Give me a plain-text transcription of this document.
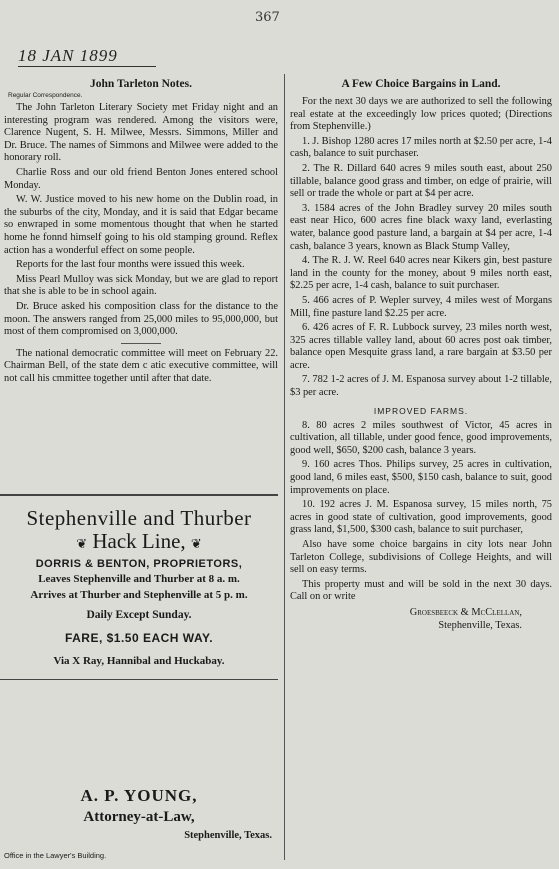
367
18 JAN 1899
John Tarleton Notes.
Regular Correspondence.

The John Tarleton Literary Society met Friday night and an interesting program was rendered. Among the visitors were, Clarence Nugent, S. H. Milwee, Messrs. Simmons, Miller and Dr. Bruce. The names of Simmons and Milwee were added to the honorary roll.

Charlie Ross and our old friend Benton Jones entered school Monday.

W. W. Justice moved to his new home on the Dublin road, in the suburbs of the city, Monday, and it is said that Edgar became so enwraped in some momentous thought that when he started home he fonnd himself going to his old stamping ground. Reflex action has a wonderful effect on some people.

Reports for the last four months were issued this week.

Miss Pearl Mulloy was sick Monday, but we are glad to report that she is able to be in school again.

Dr. Bruce asked his composition class for the distance to the moon. The answers ranged from 25,000 miles to 95,000,000, but most of them compromised on 3,000,000.

The national democratic committee will meet on February 22. Chairman Bell, of the state dem c atic executive committee, will not call his cmmittee together until after that date.

Stephenville and Thurber
❦ Hack Line, ❦
DORRIS & BENTON, PROPRIETORS,
Leaves Stephenville and Thurber at 8 a. m.
Arrives at Thurber and Stephenville at 5 p. m.
Daily Except Sunday.
FARE, $1.50 EACH WAY.
Via X Ray, Hannibal and Huckabay.
A. P. YOUNG,
Attorney-at-Law,
Stephenville, Texas.
Office in the Lawyer's Building.
A Few Choice Bargains in Land.

For the next 30 days we are authorized to sell the following real estate at the exceedingly low prices quoted; (Directions from Stephenville.)

1. J. Bishop 1280 acres 17 miles north at $2.50 per acre, 1-4 cash, balance to suit purchaser.

2. The R. Dillard 640 acres 9 miles south east, about 250 tillable, balance good grass and timber, on edge of prairie, will sell or trade the whole or part at $4 per acre.

3. 1584 acres of the John Bradley survey 20 miles south east near Hico, 600 acres fine black waxy land, everlasting water, balance good pasture land, a bargain at $4 per acre, 1-4 cash, balance 3 years, known as Black Stump Valley,

4. The R. J. W. Reel 640 acres near Kikers gin, best pasture land in the county for the money, about 9 miles north east, $2.25 per acre, 1-4 cash, balance to suit purchaser.

5. 466 acres of P. Wepler survey, 4 miles west of Morgans Mill, fine pasture land $2.25 per acre.

6. 426 acres of F. R. Lubbock survey, 23 miles north west, 325 acres tillable valley land, about 60 acres post oak timber, balance open Mesquite grass land, a rare bargain at $3.50 per acre.

7. 782 1-2 acres of J. M. Espanosa survey about 1-2 tillable, $3 per acre.

IMPROVED FARMS.

8. 80 acres 2 miles southwest of Victor, 45 acres in cultivation, all tillable, under good fence, good improvements, good well, $650, $200 cash, balance 3 years.

9. 160 acres Thos. Philips survey, 25 acres in cultivation, good land, 6 miles east, $500, $150 cash, balance to suit, good improvements on place.

10. 192 acres J. M. Espanosa survey, 15 miles north, 75 acres in good state of cultivation, good improvements, good grass land, $1,500, $300 cash, balance to suit purchaser,

Also have some choice bargains in city lots near John Tarleton College, subdivisions of College Heights, and will sell on easy terms.

This property must and will be sold in the next 30 days. Call on or write

Groesbeeck & McClellan,
Stephenville, Texas.
